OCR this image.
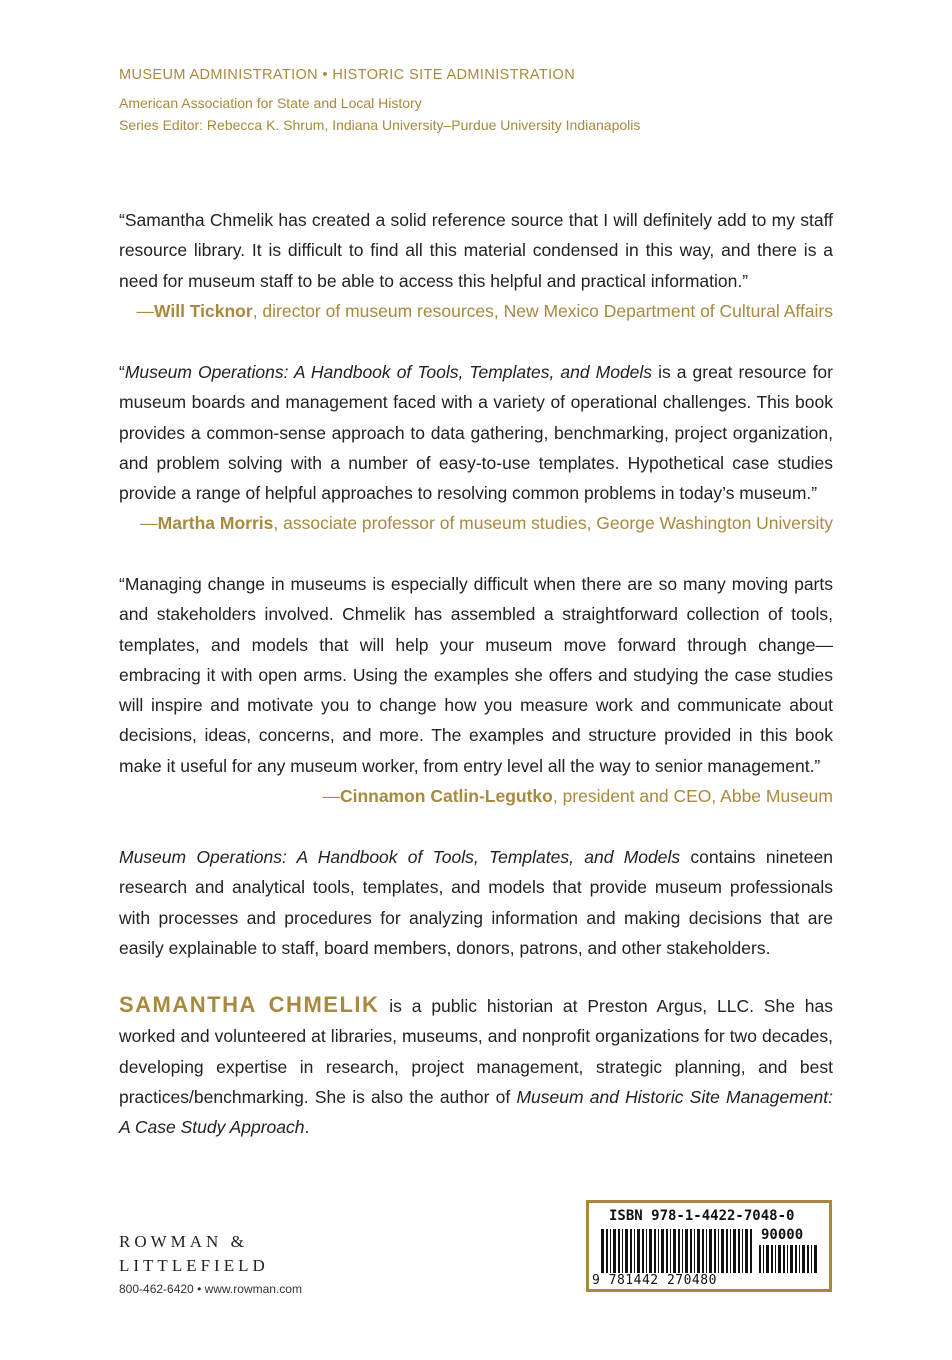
MUSEUM ADMINISTRATION • HISTORIC SITE ADMINISTRATION
American Association for State and Local History
Series Editor: Rebecca K. Shrum, Indiana University–Purdue University Indianapolis
“Samantha Chmelik has created a solid reference source that I will definitely add to my staff resource library. It is difficult to find all this material condensed in this way, and there is a need for museum staff to be able to access this helpful and practical information.”
—Will Ticknor, director of museum resources, New Mexico Department of Cultural Affairs
“Museum Operations: A Handbook of Tools, Templates, and Models is a great resource for museum boards and management faced with a variety of operational challenges. This book provides a common-sense approach to data gathering, benchmarking, project organization, and problem solving with a number of easy-to-use templates. Hypothetical case studies provide a range of helpful approaches to resolving common problems in today’s museum.”
—Martha Morris, associate professor of museum studies, George Washington University
“Managing change in museums is especially difficult when there are so many moving parts and stakeholders involved. Chmelik has assembled a straightforward collection of tools, templates, and models that will help your museum move forward through change—embracing it with open arms. Using the examples she offers and studying the case studies will inspire and motivate you to change how you measure work and communicate about decisions, ideas, concerns, and more. The examples and structure provided in this book make it useful for any museum worker, from entry level all the way to senior management.”
—Cinnamon Catlin-Legutko, president and CEO, Abbe Museum
Museum Operations: A Handbook of Tools, Templates, and Models contains nineteen research and analytical tools, templates, and models that provide museum professionals with processes and procedures for analyzing information and making decisions that are easily explainable to staff, board members, donors, patrons, and other stakeholders.
SAMANTHA CHMELIK is a public historian at Preston Argus, LLC. She has worked and volunteered at libraries, museums, and nonprofit organizations for two decades, developing expertise in research, project management, strategic planning, and best practices/benchmarking. She is also the author of Museum and Historic Site Management: A Case Study Approach.
ROWMAN &
LITTLEFIELD
800-462-6420 • www.rowman.com
ISBN 978-1-4422-7048-0
90000
9 781442 270480
